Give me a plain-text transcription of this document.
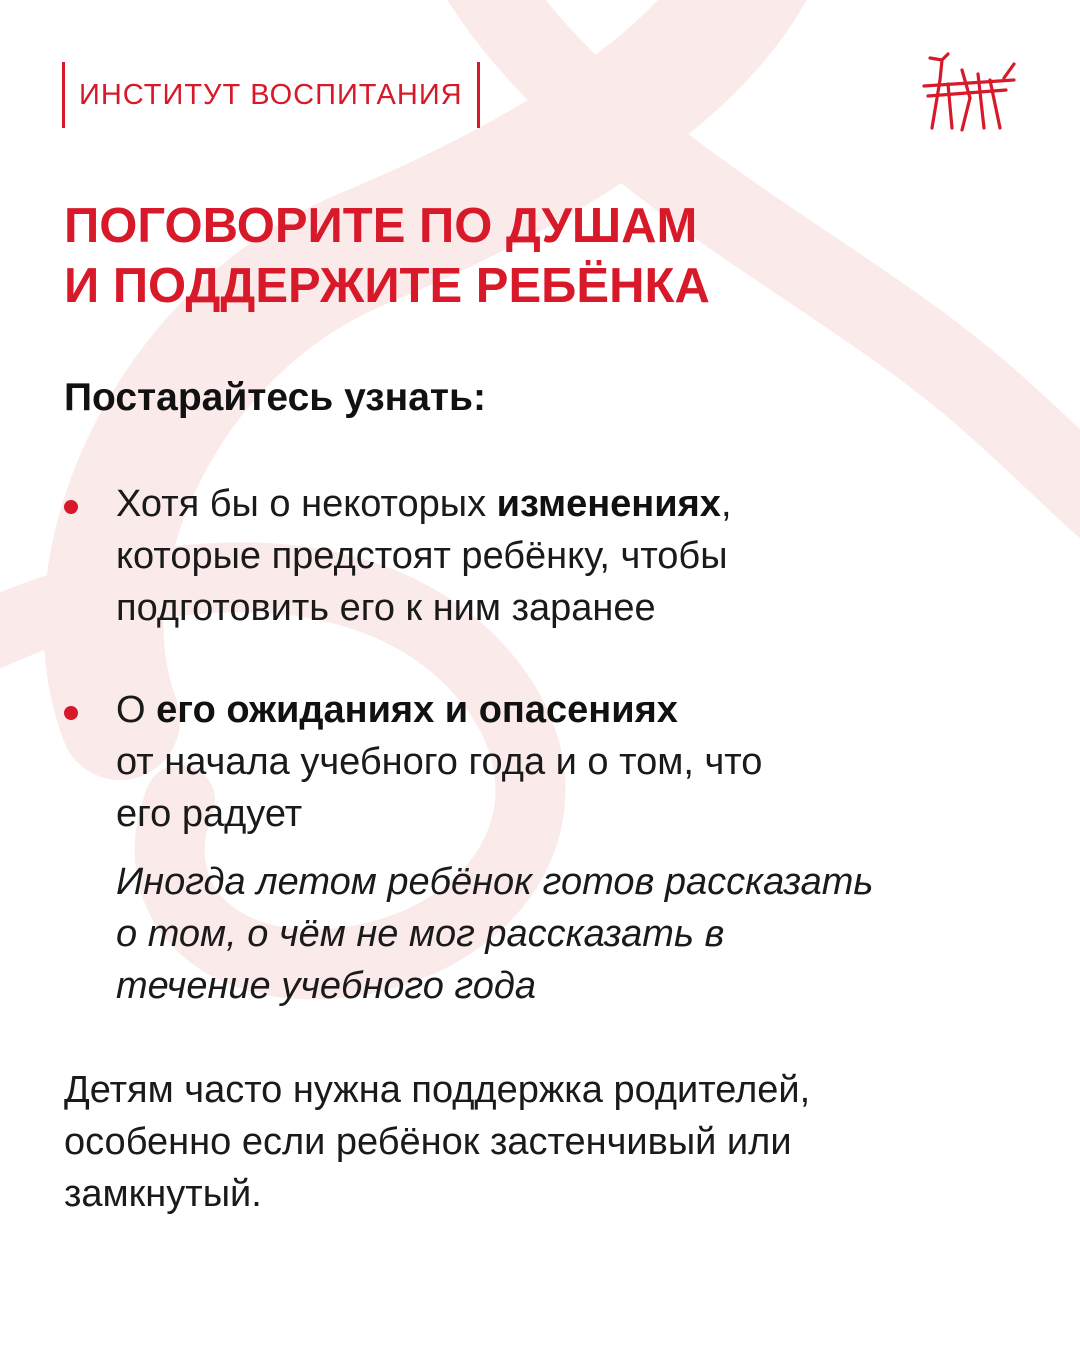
ИНСТИТУТ ВОСПИТАНИЯ
ПОГОВОРИТЕ ПО ДУШАМ
И ПОДДЕРЖИТЕ РЕБЁНКА

Постарайтесь узнать:

Хотя бы о некоторых изменениях,
которые предстоят ребёнку, чтобы
подготовить его к ним заранее

О его ожиданиях и опасениях
от начала учебного года и о том, что
его радует

Иногда летом ребёнок готов рассказать
о том, о чём не мог рассказать в
течение учебного года

Детям часто нужна поддержка родителей,
особенно если ребёнок застенчивый или
замкнутый.
